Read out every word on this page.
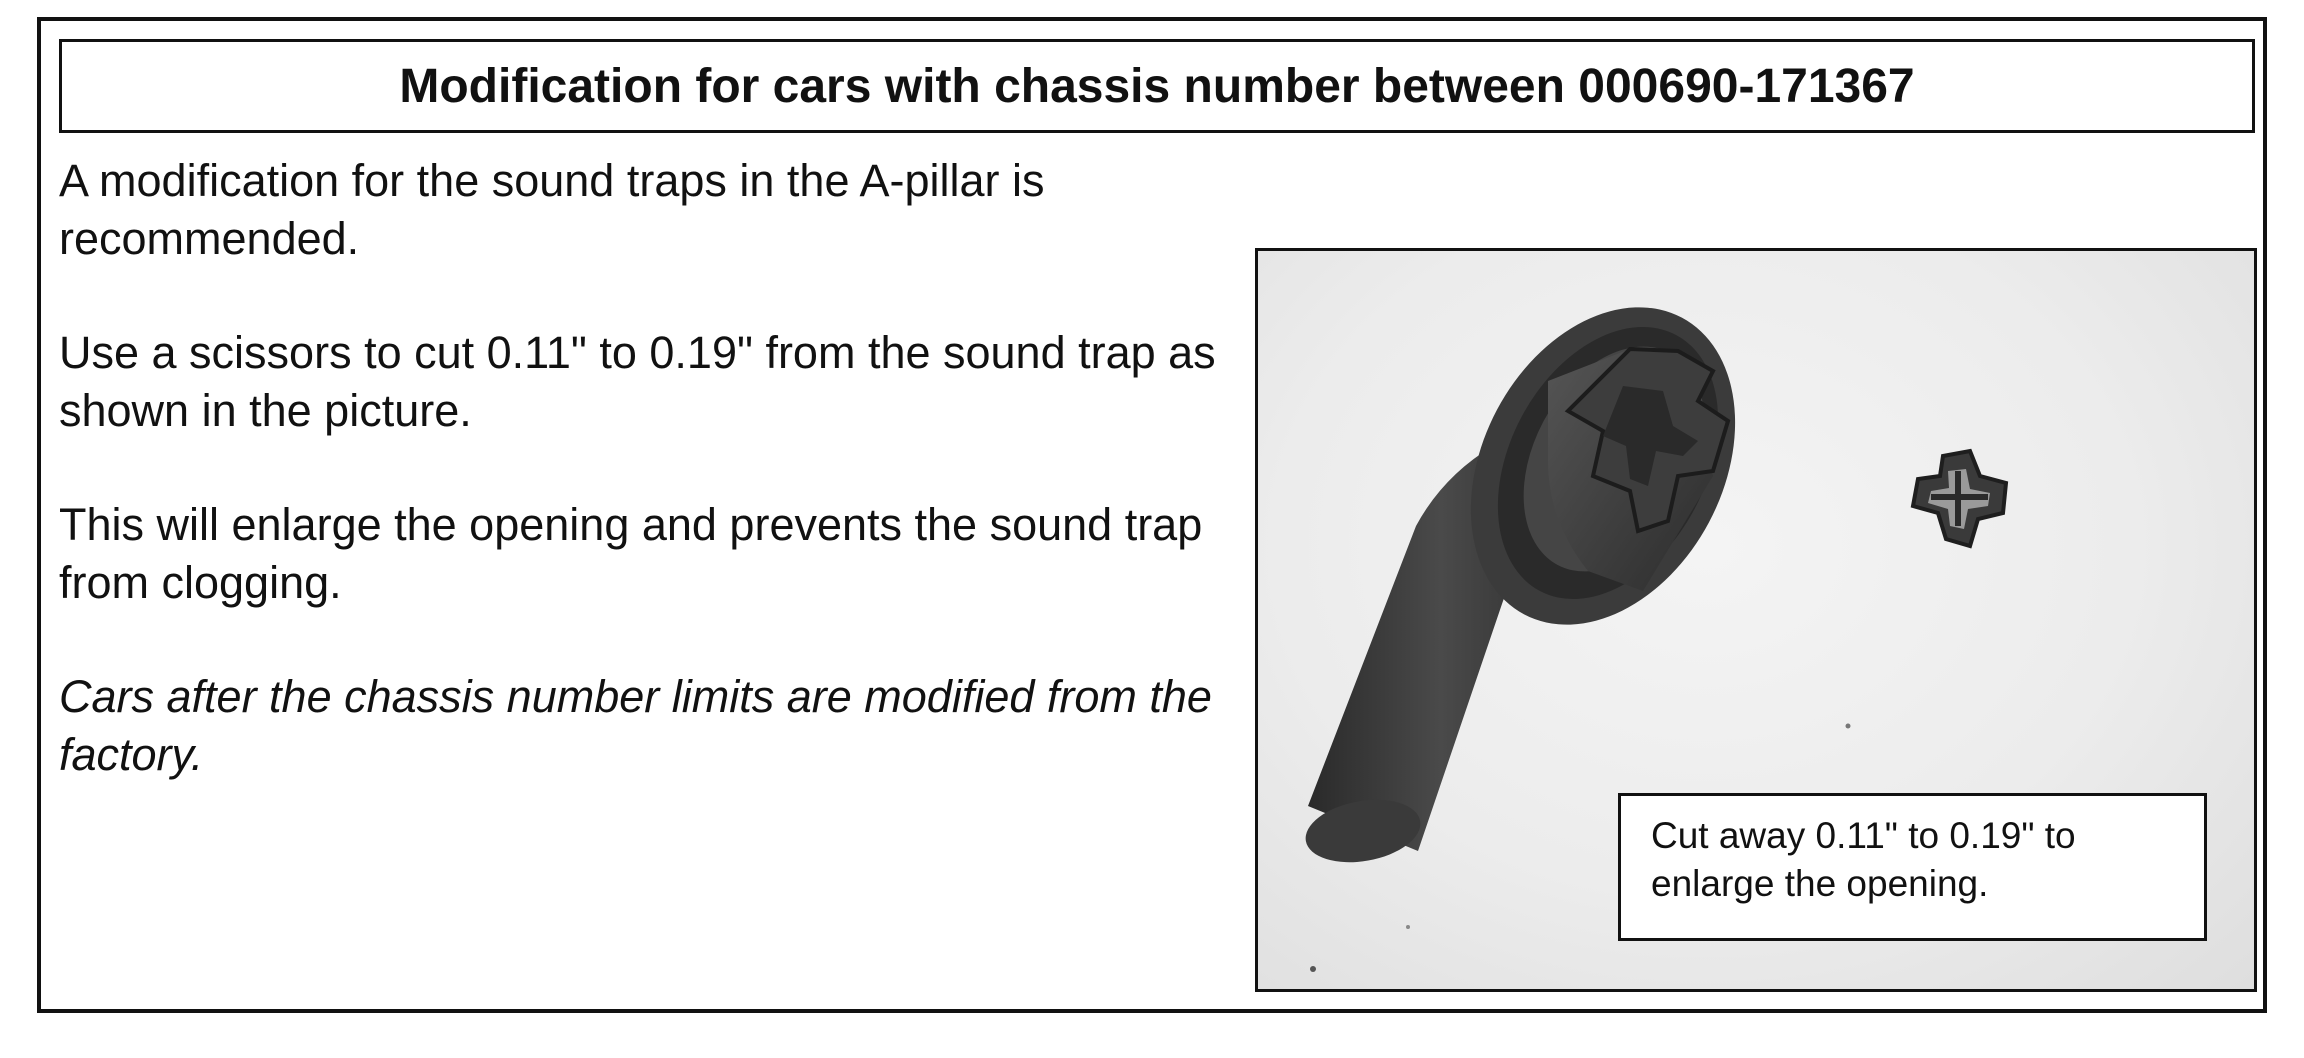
Modification for cars with chassis number between 000690-171367

A modification for the sound traps in the A-pillar is recommended.

Use a scissors to cut 0.11" to 0.19" from the sound trap as shown in the picture.

This will enlarge the opening and prevents the sound trap from clogging.

Cars after the chassis number limits are modified from the factory.

Cut away 0.11" to 0.19" to enlarge the opening.
